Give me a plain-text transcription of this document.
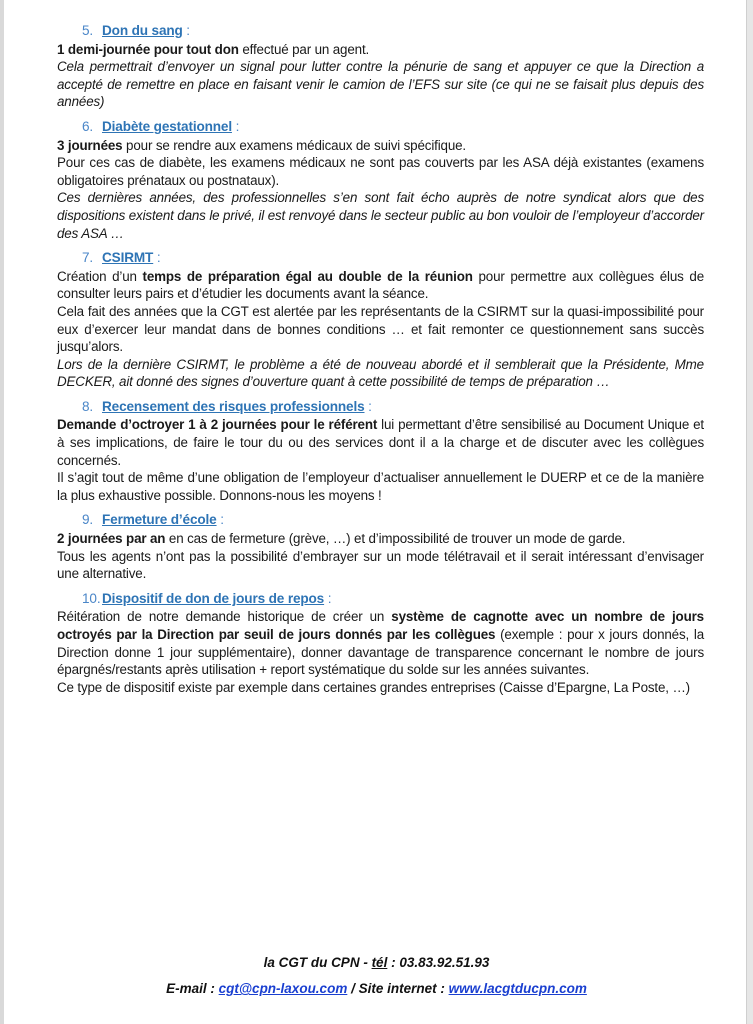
5. Don du sang :

1 demi-journée pour tout don effectué par un agent.

Cela permettrait d’envoyer un signal pour lutter contre la pénurie de sang et appuyer ce que la Direction a accepté de remettre en place en faisant venir le camion de l’EFS sur site (ce qui ne se faisait plus depuis des années)

6. Diabète gestationnel :

3 journées pour se rendre aux examens médicaux de suivi spécifique.

Pour ces cas de diabète, les examens médicaux ne sont pas couverts par les ASA déjà existantes (examens obligatoires prénataux ou postnataux).

Ces dernières années, des professionnelles s’en sont fait écho auprès de notre syndicat alors que des dispositions existent dans le privé, il est renvoyé dans le secteur public au bon vouloir de l’employeur d’accorder des ASA …

7. CSIRMT :

Création d’un temps de préparation égal au double de la réunion pour permettre aux collègues élus de consulter leurs pairs et d’étudier les documents avant la séance.

Cela fait des années que la CGT est alertée par les représentants de la CSIRMT sur la quasi-impossibilité pour eux d’exercer leur mandat dans de bonnes conditions … et fait remonter ce questionnement sans succès jusqu’alors.

Lors de la dernière CSIRMT, le problème a été de nouveau abordé et il semblerait que la Présidente, Mme DECKER, ait donné des signes d’ouverture quant à cette possibilité de temps de préparation …

8. Recensement des risques professionnels :

Demande d’octroyer 1 à 2 journées pour le référent lui permettant d’être sensibilisé au Document Unique et à ses implications, de faire le tour du ou des services dont il a la charge et de discuter avec les collègues concernés.

Il s’agit tout de même d’une obligation de l’employeur d’actualiser annuellement le DUERP et ce de la manière la plus exhaustive possible. Donnons-nous les moyens !

9. Fermeture d’école :

2 journées par an en cas de fermeture (grève, …) et d’impossibilité de trouver un mode de garde.

Tous les agents n’ont pas la possibilité d’embrayer sur un mode télétravail et il serait intéressant d’envisager une alternative.

10. Dispositif de don de jours de repos :

Réitération de notre demande historique de créer un système de cagnotte avec un nombre de jours octroyés par la Direction par seuil de jours donnés par les collègues (exemple : pour x jours donnés, la Direction donne 1 jour supplémentaire), donner davantage de transparence concernant le nombre de jours épargnés/restants après utilisation + report systématique du solde sur les années suivantes.

Ce type de dispositif existe par exemple dans certaines grandes entreprises (Caisse d’Epargne, La Poste, …)

la CGT du CPN - tél : 03.83.92.51.93
E-mail : cgt@cpn-laxou.com / Site internet : www.lacgtducpn.com
